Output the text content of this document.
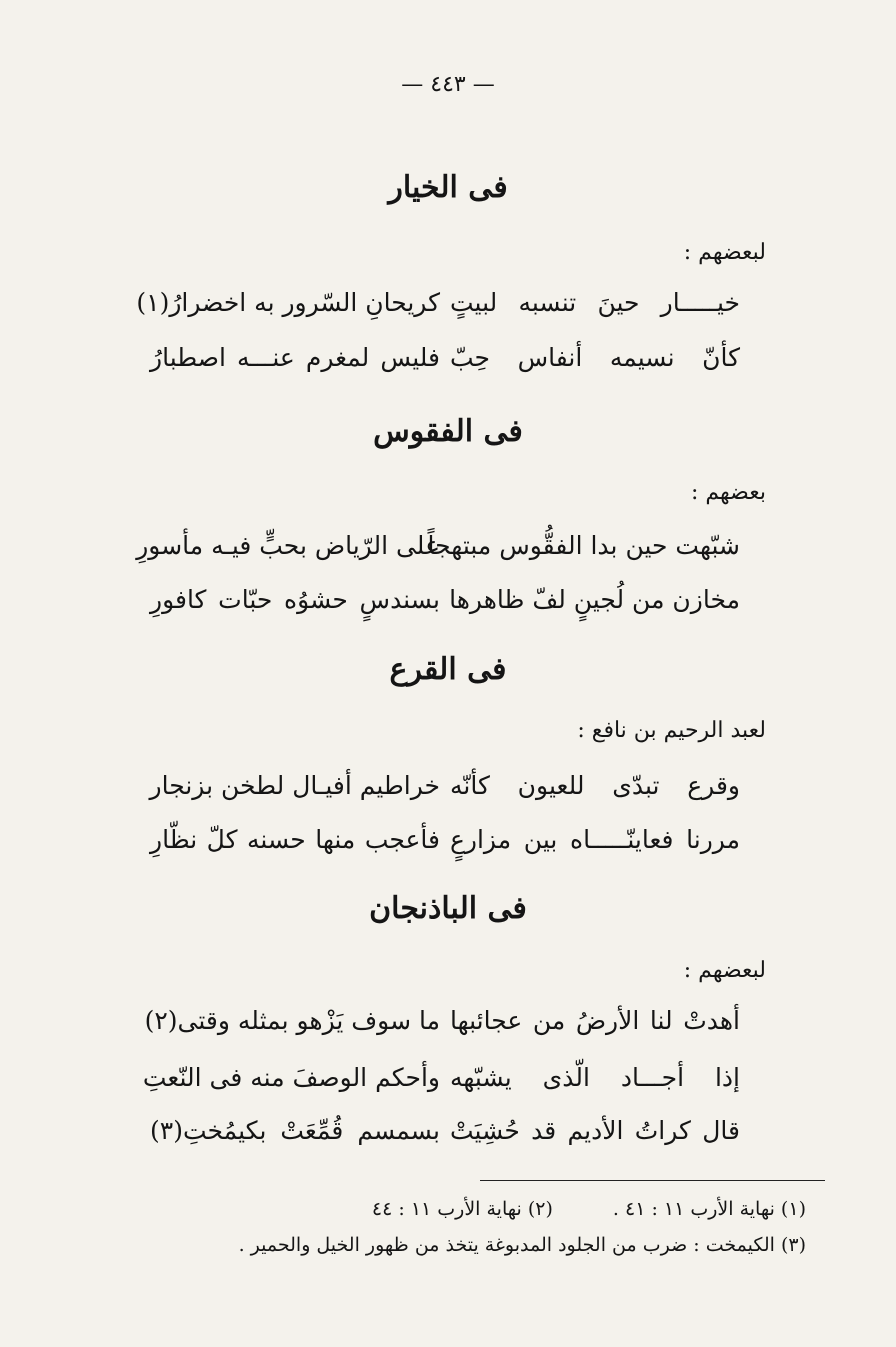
— ٤٤٣ —
فى الخيار
لبعضهم :
خيـــــار حينَ تنسبه لبيتٍ
كريحانِ السّرور به اخضرارُ(١)
كأنّ نسيمه أنفاس حِبّ
فليس لمغرم عنـــه اصطبارُ
فى الفقوس
بعضهم :
شبّهت حين بدا الفقُّوس مبتهجاً
على الرّياض بحبٍّ فيـه مأسورِ
مخازن من لُجينٍ لفّ ظاهرها
بسندسٍ حشوُه حبّات كافورِ
فى القرع
لعبد الرحيم بن نافع :
وقرع تبدّى للعيون كأنّه
خراطيم أفيـال لطخن بزنجار
مررنا فعاينّـــــاه بين مزارعٍ
فأعجب منها حسنه كلّ نظّارِ
فى الباذنجان
لبعضهم :
أهدتْ لنا الأرضُ من عجائبها
ما سوف يَزْهو بمثله وقتى(٢)
إذا أجـــاد الّذى يشبّهه
وأحكم الوصفَ منه فى النّعتِ
قال كراتُ الأديم قد حُشِيَتْ
بسمسم قُمِّعَتْ بكيمُختِ(٣)
(١) نهاية الأرب ١١ : ٤١ .(٢) نهاية الأرب ١١ : ٤٤
(٣) الكيمخت : ضرب من الجلود المدبوغة يتخذ من ظهور الخيل والحمير .
